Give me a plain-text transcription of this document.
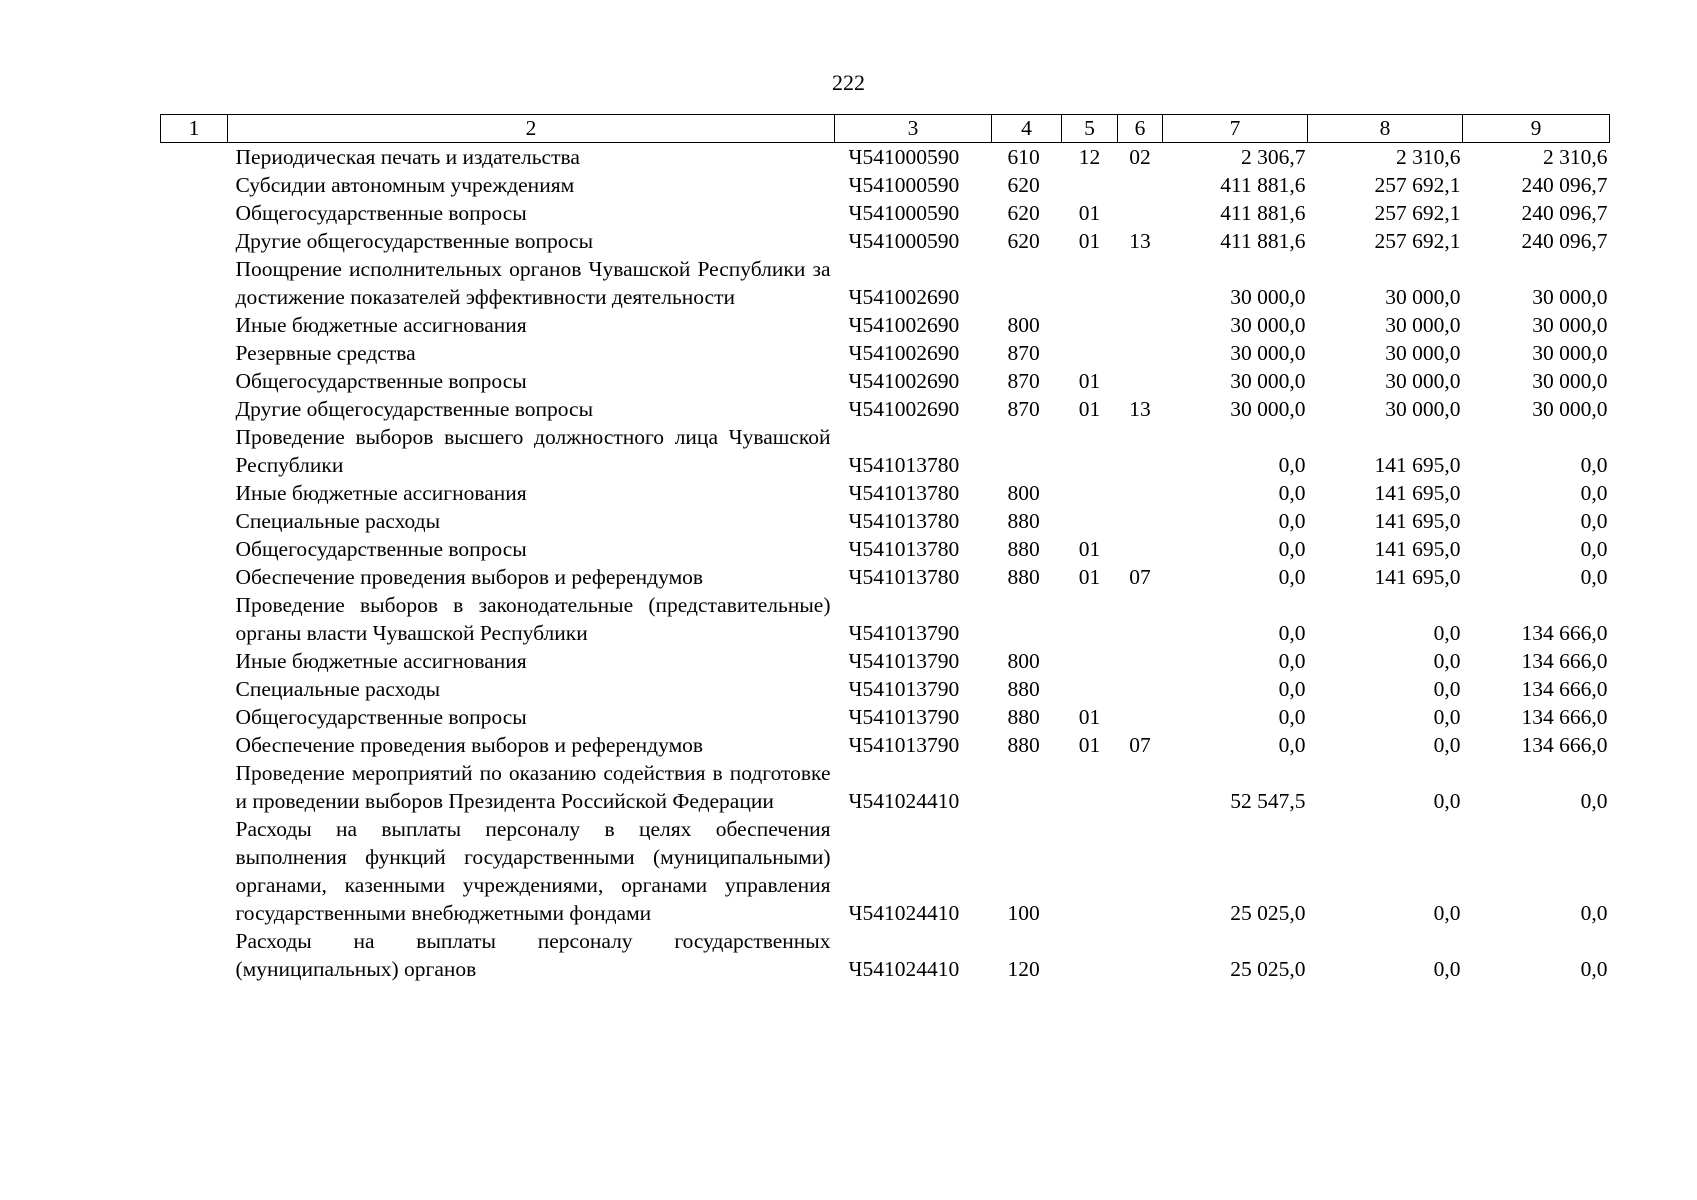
222
1	2	3	4	5	6	7	8	9
	Периодическая печать и издательства	Ч541000590	610	12	02	2 306,7	2 310,6	2 310,6
	Субсидии автономным учреждениям	Ч541000590	620			411 881,6	257 692,1	240 096,7
	Общегосударственные вопросы	Ч541000590	620	01		411 881,6	257 692,1	240 096,7
	Другие общегосударственные вопросы	Ч541000590	620	01	13	411 881,6	257 692,1	240 096,7
	Поощрение исполнительных органов Чувашской Республики за достижение показателей эффективности деятельности	Ч541002690				30 000,0	30 000,0	30 000,0
	Иные бюджетные ассигнования	Ч541002690	800			30 000,0	30 000,0	30 000,0
	Резервные средства	Ч541002690	870			30 000,0	30 000,0	30 000,0
	Общегосударственные вопросы	Ч541002690	870	01		30 000,0	30 000,0	30 000,0
	Другие общегосударственные вопросы	Ч541002690	870	01	13	30 000,0	30 000,0	30 000,0
	Проведение выборов высшего должностного лица Чувашской Республики	Ч541013780				0,0	141 695,0	0,0
	Иные бюджетные ассигнования	Ч541013780	800			0,0	141 695,0	0,0
	Специальные расходы	Ч541013780	880			0,0	141 695,0	0,0
	Общегосударственные вопросы	Ч541013780	880	01		0,0	141 695,0	0,0
	Обеспечение проведения выборов и референдумов	Ч541013780	880	01	07	0,0	141 695,0	0,0
	Проведение выборов в законодательные (представительные) органы власти Чувашской Республики	Ч541013790				0,0	0,0	134 666,0
	Иные бюджетные ассигнования	Ч541013790	800			0,0	0,0	134 666,0
	Специальные расходы	Ч541013790	880			0,0	0,0	134 666,0
	Общегосударственные вопросы	Ч541013790	880	01		0,0	0,0	134 666,0
	Обеспечение проведения выборов и референдумов	Ч541013790	880	01	07	0,0	0,0	134 666,0
	Проведение мероприятий по оказанию содействия в подготовке и проведении выборов Президента Российской Федерации	Ч541024410				52 547,5	0,0	0,0
	Расходы на выплаты персоналу в целях обеспечения выполнения функций государственными (муниципальными) органами, казенными учреждениями, органами управления государственными внебюджетными фондами	Ч541024410	100			25 025,0	0,0	0,0
	Расходы на выплаты персоналу государственных (муниципальных) органов	Ч541024410	120			25 025,0	0,0	0,0
